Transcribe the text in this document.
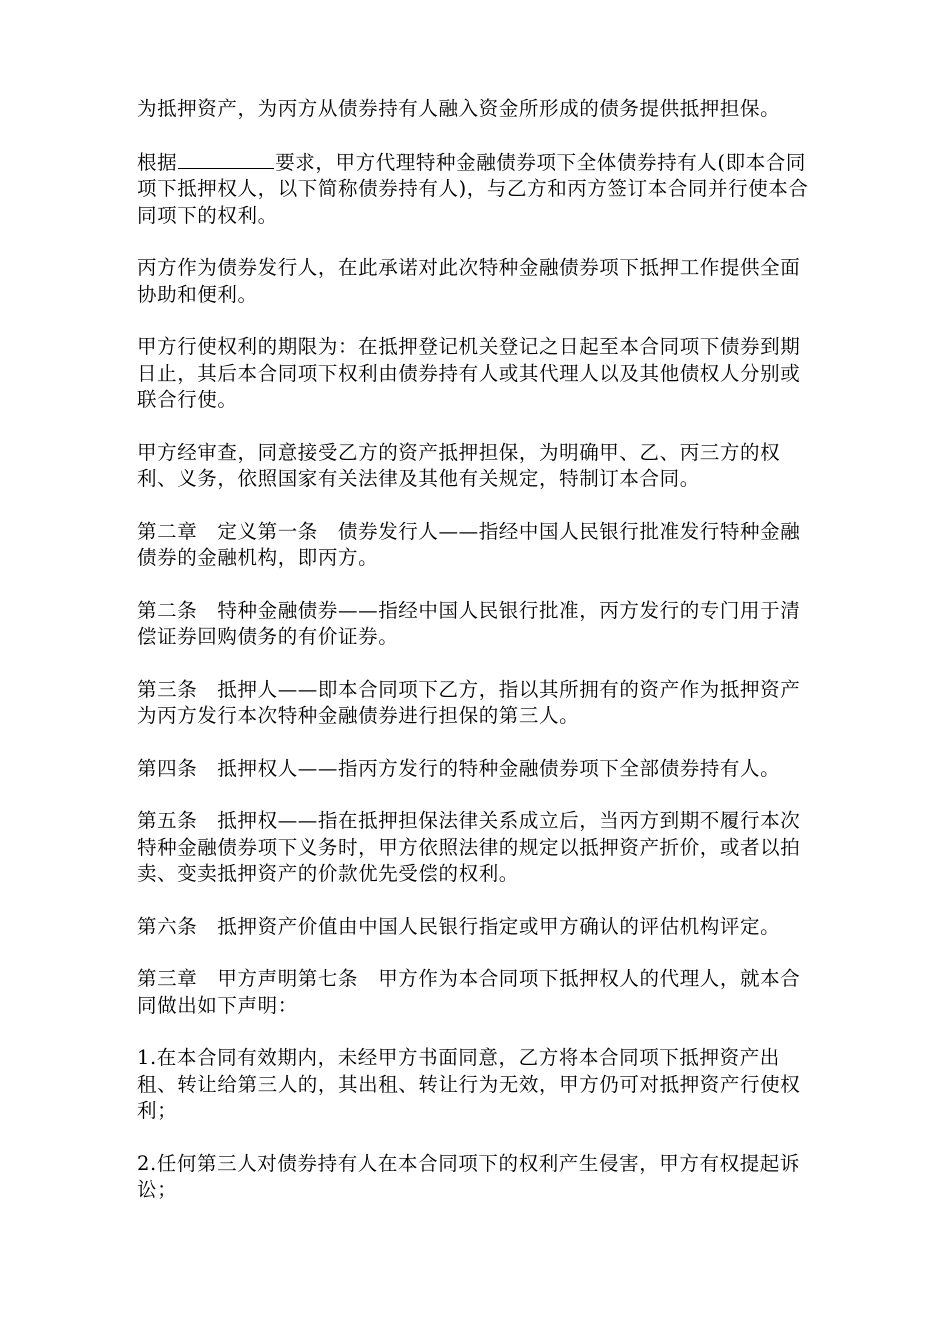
为抵押资产，为丙方从债券持有人融入资金所形成的债务提供抵押担保。

根据	要求，甲方代理特种金融债券项下全体债券持有人(即本合同项下抵押权人，以下简称债券持有人)，与乙方和丙方签订本合同并行使本合同项下的权利。

丙方作为债券发行人，在此承诺对此次特种金融债券项下抵押工作提供全面协助和便利。

甲方行使权利的期限为：在抵押登记机关登记之日起至本合同项下债券到期日止，其后本合同项下权利由债券持有人或其代理人以及其他债权人分别或联合行使。

甲方经审查，同意接受乙方的资产抵押担保，为明确甲、乙、丙三方的权利、义务，依照国家有关法律及其他有关规定，特制订本合同。

第二章　定义第一条　债券发行人——指经中国人民银行批准发行特种金融债券的金融机构，即丙方。

第二条　特种金融债券——指经中国人民银行批准，丙方发行的专门用于清偿证券回购债务的有价证券。

第三条　抵押人——即本合同项下乙方，指以其所拥有的资产作为抵押资产为丙方发行本次特种金融债券进行担保的第三人。

第四条　抵押权人——指丙方发行的特种金融债券项下全部债券持有人。

第五条　抵押权——指在抵押担保法律关系成立后，当丙方到期不履行本次特种金融债券项下义务时，甲方依照法律的规定以抵押资产折价，或者以拍卖、变卖抵押资产的价款优先受偿的权利。

第六条　抵押资产价值由中国人民银行指定或甲方确认的评估机构评定。

第三章　甲方声明第七条　甲方作为本合同项下抵押权人的代理人，就本合同做出如下声明：

1.在本合同有效期内，未经甲方书面同意，乙方将本合同项下抵押资产出租、转让给第三人的，其出租、转让行为无效，甲方仍可对抵押资产行使权利；

2.任何第三人对债券持有人在本合同项下的权利产生侵害，甲方有权提起诉讼；
